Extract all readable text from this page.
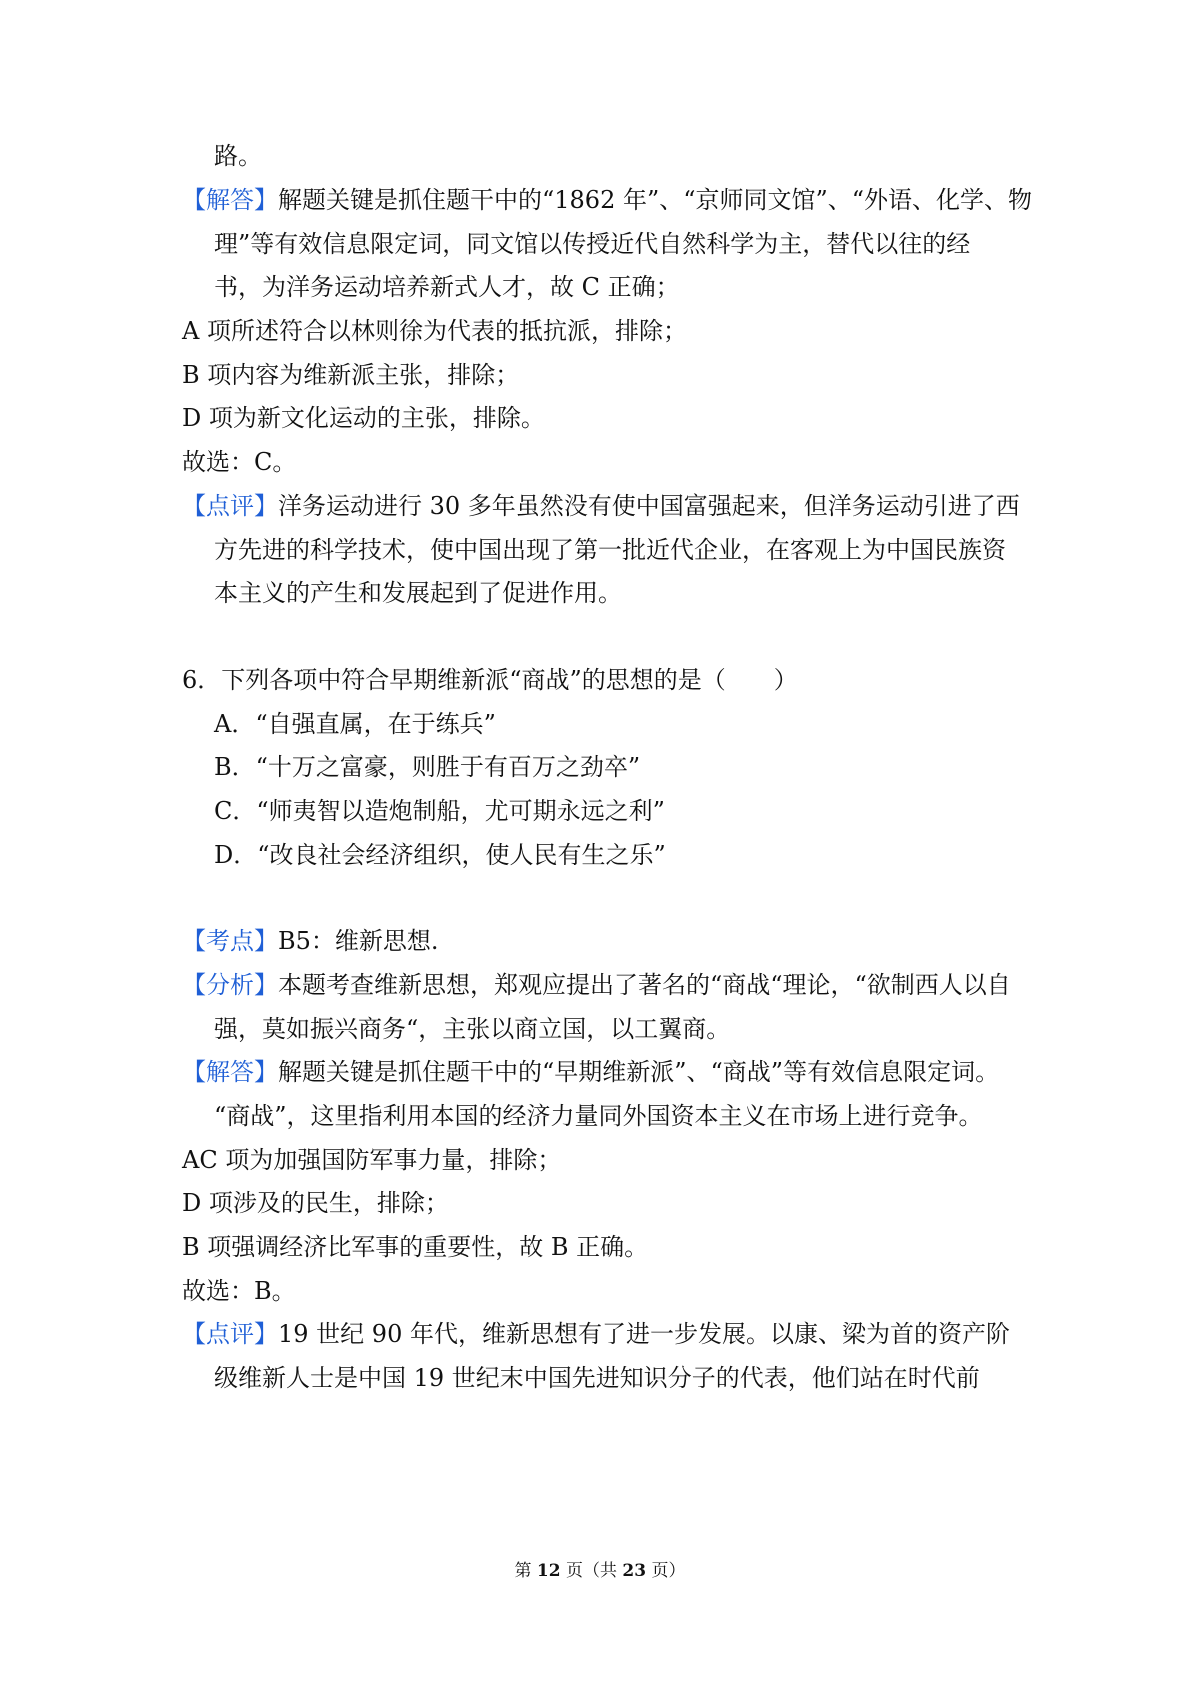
路。
【解答】解题关键是抓住题干中的“1862 年”、“京师同文馆”、“外语、化学、物
理”等有效信息限定词，同文馆以传授近代自然科学为主，替代以往的经
书，为洋务运动培养新式人才，故 C 正确；
A 项所述符合以林则徐为代表的抵抗派，排除；
B 项内容为维新派主张，排除；
D 项为新文化运动的主张，排除。
故选：C。
【点评】洋务运动进行 30 多年虽然没有使中国富强起来，但洋务运动引进了西
方先进的科学技术，使中国出现了第一批近代企业，在客观上为中国民族资
本主义的产生和发展起到了促进作用。
6．下列各项中符合早期维新派“商战”的思想的是（　　）
A．“自强直属，在于练兵”
B．“十万之富豪，则胜于有百万之劲卒”
C．“师夷智以造炮制船，尤可期永远之利”
D．“改良社会经济组织，使人民有生之乐”
【考点】B5：维新思想.
【分析】本题考查维新思想，郑观应提出了著名的“商战“理论，“欲制西人以自
强，莫如振兴商务“，主张以商立国，以工翼商。
【解答】解题关键是抓住题干中的“早期维新派”、“商战”等有效信息限定词。
“商战”，这里指利用本国的经济力量同外国资本主义在市场上进行竞争。
AC 项为加强国防军事力量，排除；
D 项涉及的民生，排除；
B 项强调经济比军事的重要性，故 B 正确。
故选：B。
【点评】19 世纪 90 年代，维新思想有了进一步发展。以康、梁为首的资产阶
级维新人士是中国 19 世纪末中国先进知识分子的代表，他们站在时代前
第 12 页（共 23 页）
